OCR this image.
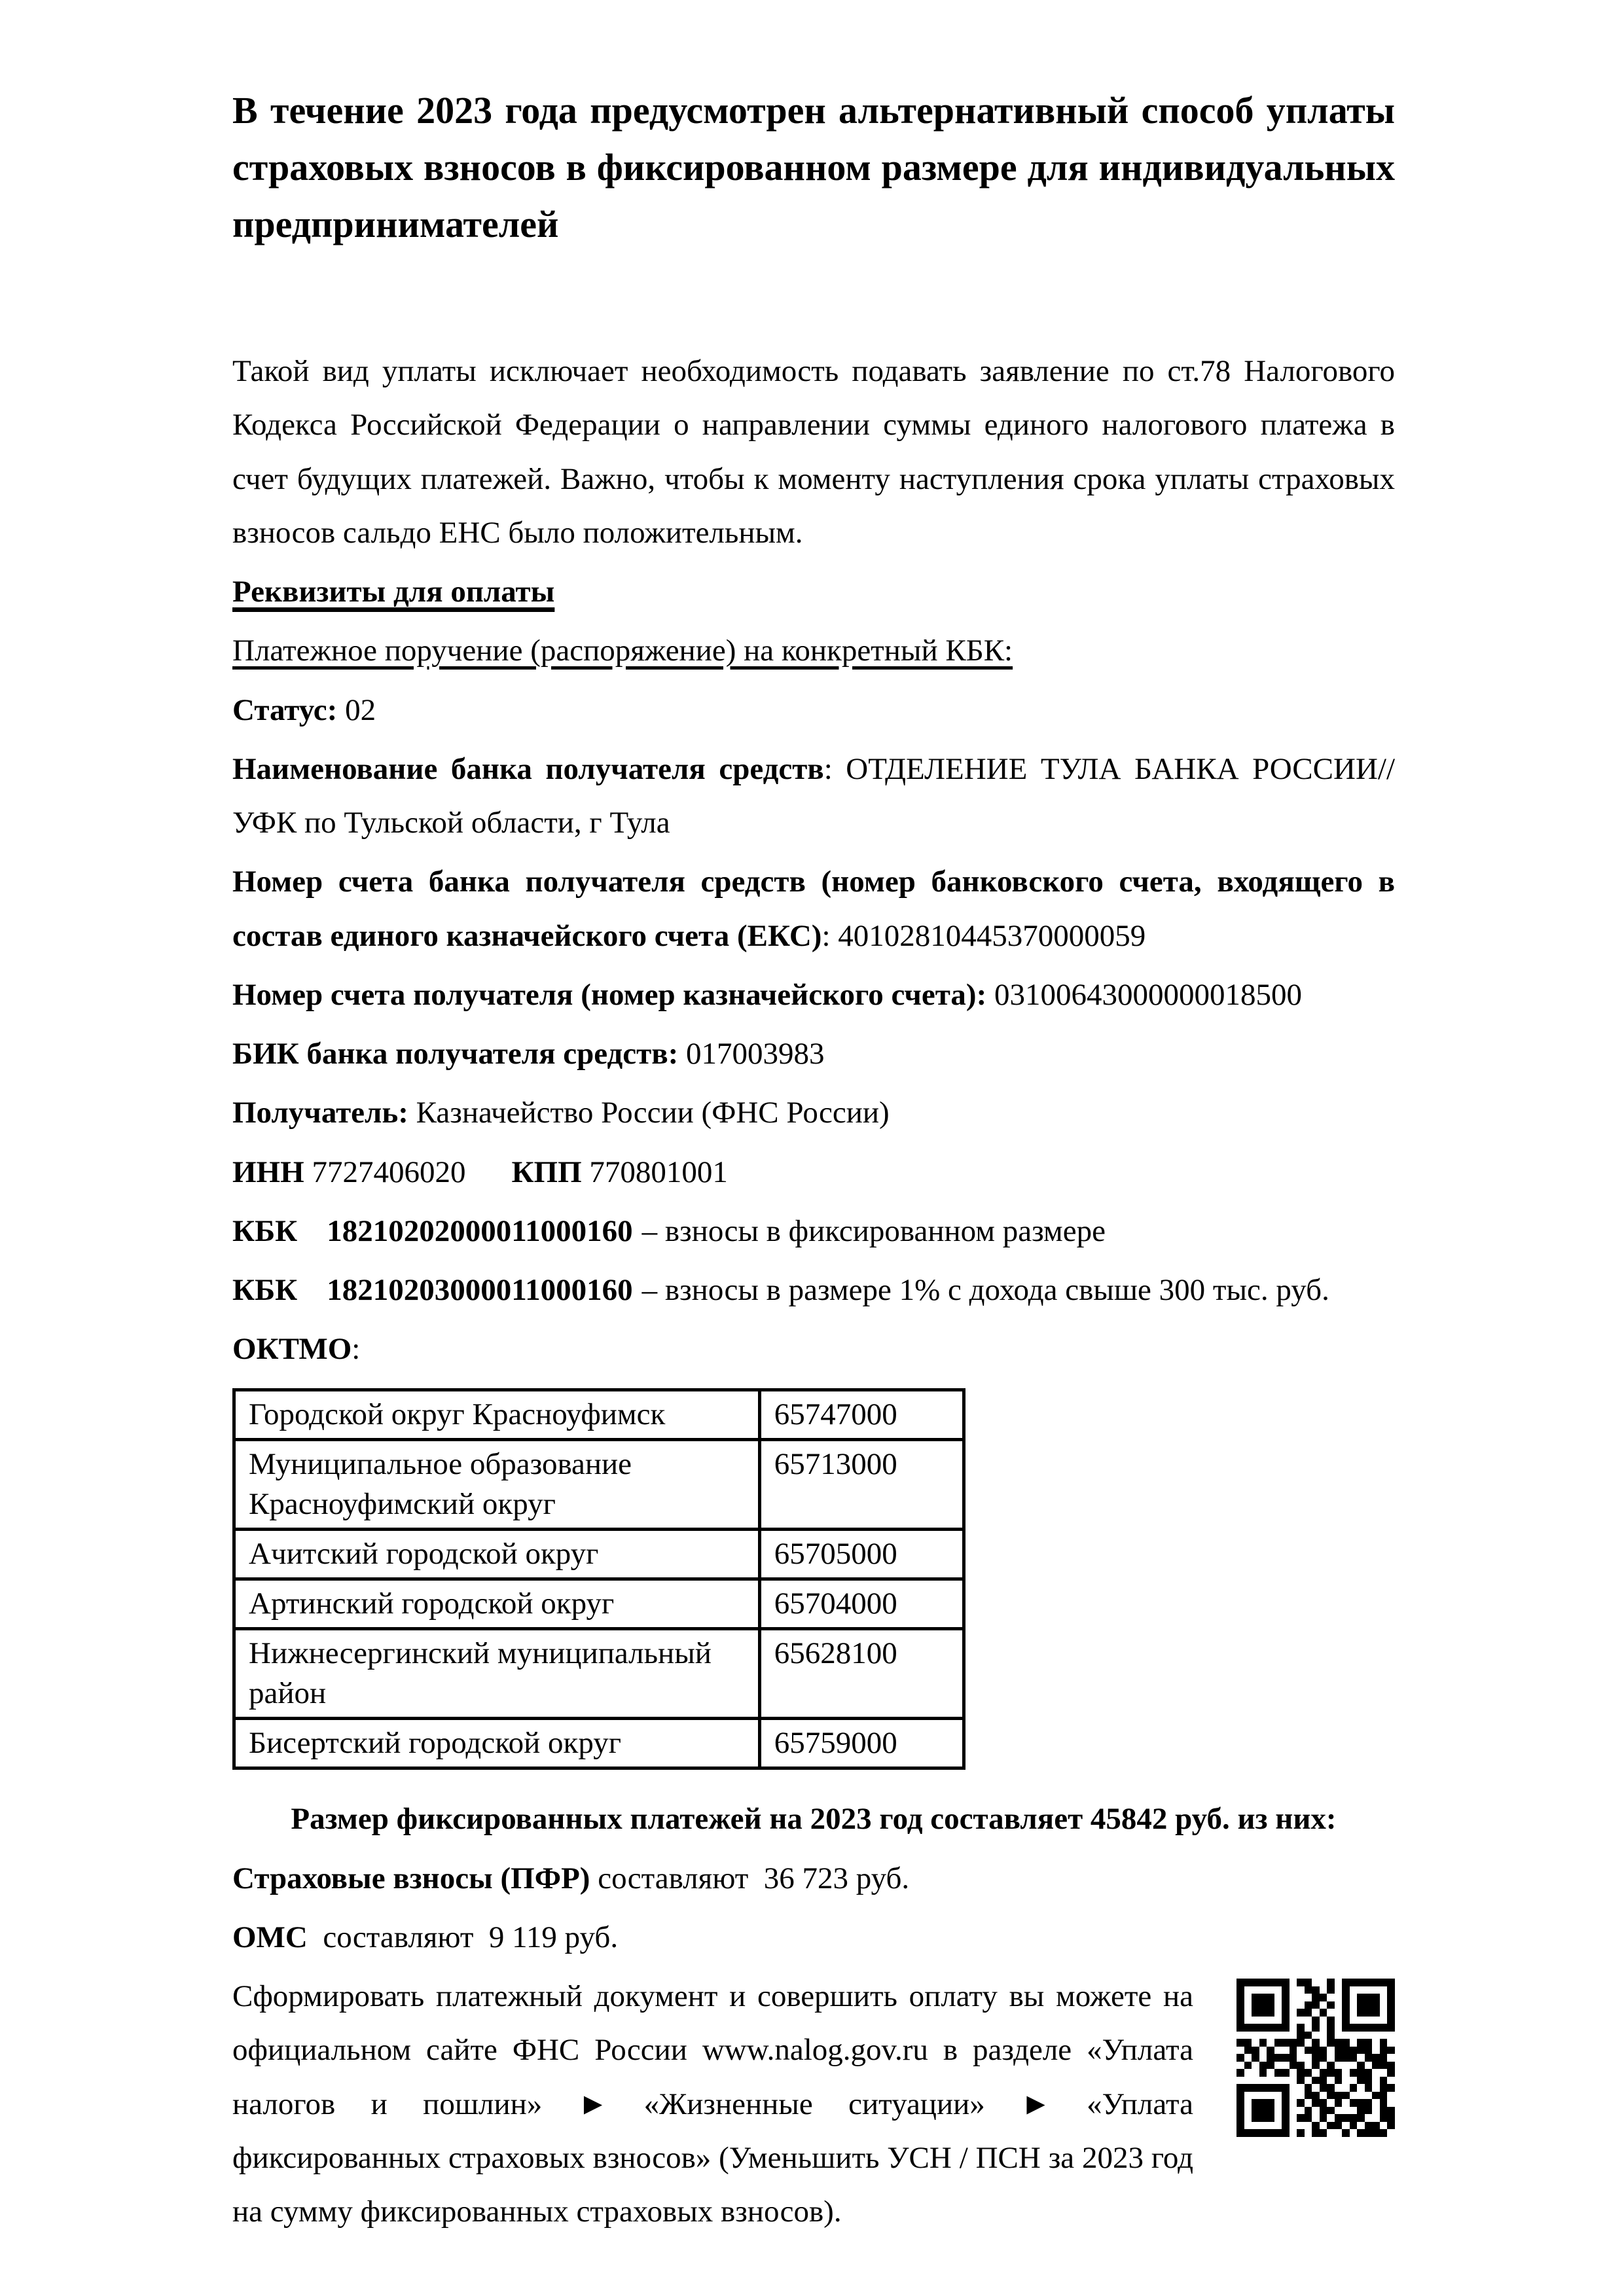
В течение 2023 года предусмотрен альтернативный способ уплаты страховых взносов в фиксированном размере для индивидуальных предпринимателей

Такой вид уплаты исключает необходимость подавать заявление по ст.78 Налогового Кодекса Российской Федерации о направлении суммы единого налогового платежа в счет будущих платежей. Важно, чтобы к моменту наступления срока уплаты страховых взносов сальдо ЕНС было положительным.

Реквизиты для оплаты

Платежное поручение (распоряжение) на конкретный КБК:

Статус: 02

Наименование банка получателя средств: ОТДЕЛЕНИЕ ТУЛА БАНКА РОССИИ//УФК по Тульской области, г Тула

Номер счета банка получателя средств (номер банковского счета, входящего в состав единого казначейского счета (ЕКС): 40102810445370000059

Номер счета получателя (номер казначейского счета): 03100643000000018500

БИК банка получателя средств: 017003983

Получатель: Казначейство России (ФНС России)

ИНН 7727406020 КПП 770801001

КБК 18210202000011000160 – взносы в фиксированном размере

КБК 18210203000011000160 – взносы в размере 1% с дохода свыше 300 тыс. руб.

ОКТМО:

Городской округ Красноуфимск	65747000
Муниципальное образование Красноуфимский округ	65713000
Ачитский городской округ	65705000
Артинский городской округ	65704000
Нижнесергинский муниципальный район	65628100
Бисертский городской округ	65759000

Размер фиксированных платежей на 2023 год составляет 45842 руб. из них:

Страховые взносы (ПФР) составляют  36 723 руб.

ОМС  составляют  9 119 руб.

Сформировать платежный документ и совершить оплату вы можете на официальном сайте ФНС России www.nalog.gov.ru в разделе «Уплата налогов и пошлин» ► «Жизненные ситуации» ► «Уплата фиксированных страховых взносов» (Уменьшить УСН / ПСН за 2023 год на сумму фиксированных страховых взносов).
